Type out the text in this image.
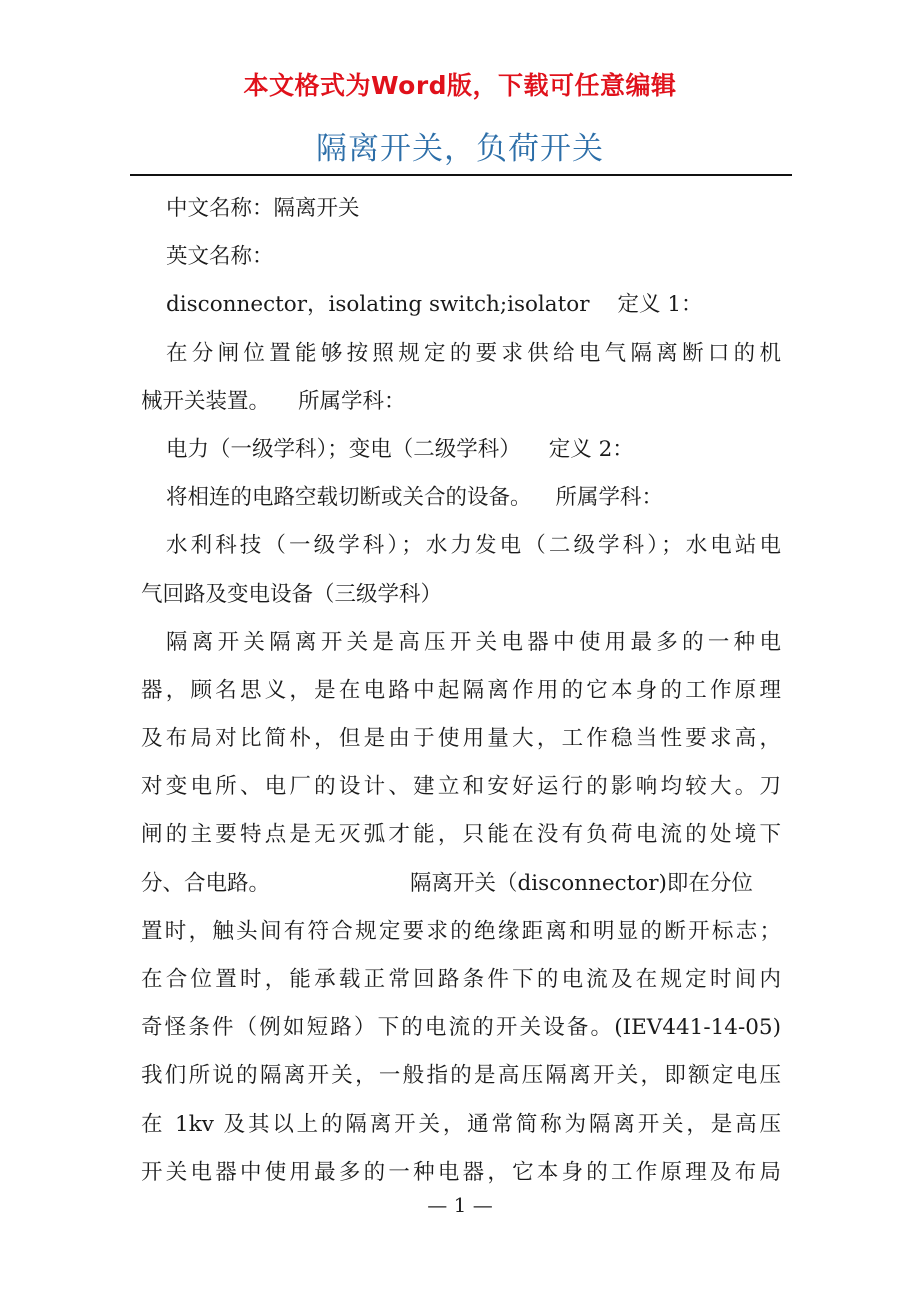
本文格式为Word版，下载可任意编辑
隔离开关，负荷开关
中文名称：隔离开关
英文名称：
disconnector，isolating switch;isolator 定义 1：
在分闸位置能够按照规定的要求供给电气隔离断口的机
械开关装置。 所属学科：
电力（一级学科）；变电（二级学科） 定义 2：
将相连的电路空载切断或关合的设备。 所属学科：
水利科技（一级学科）；水力发电（二级学科）；水电站电
气回路及变电设备（三级学科）
隔离开关隔离开关是高压开关电器中使用最多的一种电
器，顾名思义，是在电路中起隔离作用的它本身的工作原理
及布局对比简朴，但是由于使用量大，工作稳当性要求高，
对变电所、电厂的设计、建立和安好运行的影响均较大。刀
闸的主要特点是无灭弧才能，只能在没有负荷电流的处境下
分、合电路。	隔离开关（disconnector)即在分位
置时，触头间有符合规定要求的绝缘距离和明显的断开标志；
在合位置时，能承载正常回路条件下的电流及在规定时间内
奇怪条件（例如短路）下的电流的开关设备。(IEV441-14-05)
我们所说的隔离开关，一般指的是高压隔离开关，即额定电压
在 1kv 及其以上的隔离开关，通常简称为隔离开关，是高压
开关电器中使用最多的一种电器，它本身的工作原理及布局
— 1 —
